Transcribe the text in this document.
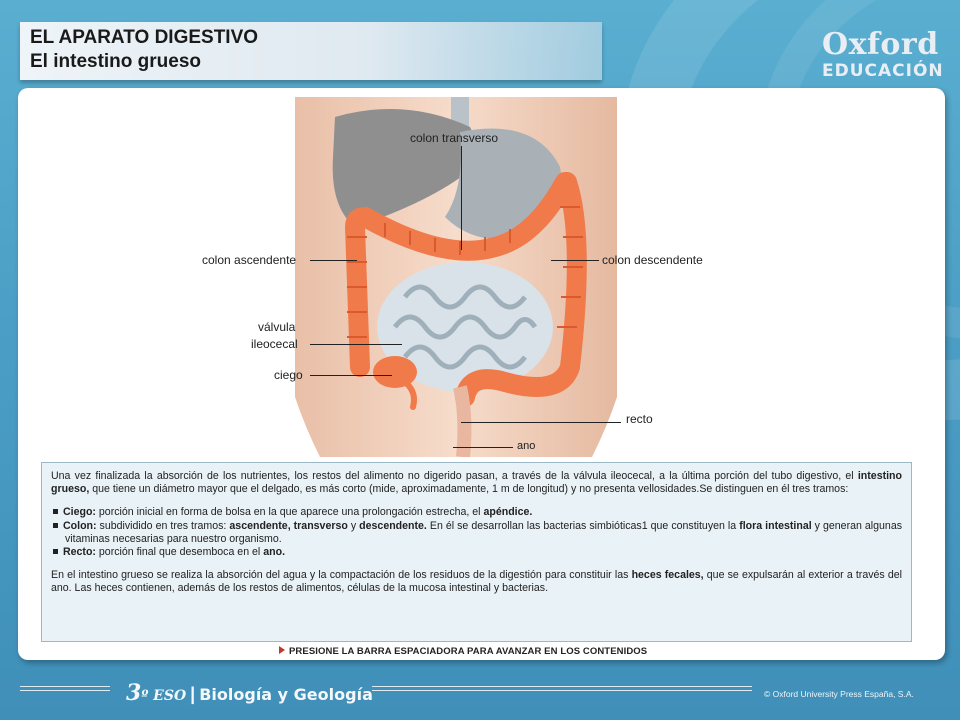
EL APARATO DIGESTIVO
El intestino grueso	Oxford
EDUCACIÓN
colon transverso
colon ascendente	colon descendente
válvula
ileocecal
ciego
recto
ano

Una vez finalizada la absorción de los nutrientes, los restos del alimento no digerido pasan, a través de la válvula ileocecal, a la última porción del tubo digestivo, el intestino grueso, que tiene un diámetro mayor que el delgado, es más corto (mide, aproximadamente, 1 m de longitud) y no presenta vellosidades.Se distinguen en él tres tramos:

Ciego: porción inicial en forma de bolsa en la que aparece una prolongación estrecha, el apéndice.

Colon: subdividido en tres tramos: ascendente, transverso y descendente. En él se desarrollan las bacterias simbióticas1 que constituyen la flora intestinal y generan algunas vitaminas necesarias para nuestro organismo.

Recto: porción final que desemboca en el ano.

En el intestino grueso se realiza la absorción del agua y la compactación de los residuos de la digestión para constituir las heces fecales, que se expulsarán al exterior a través del ano. Las heces contienen, además de los restos de alimentos, células de la mucosa intestinal y bacterias.

PRESIONE LA BARRA ESPACIADORA PARA AVANZAR EN LOS CONTENIDOS
3º ESO | Biología y Geología	© Oxford University Press España, S.A.
